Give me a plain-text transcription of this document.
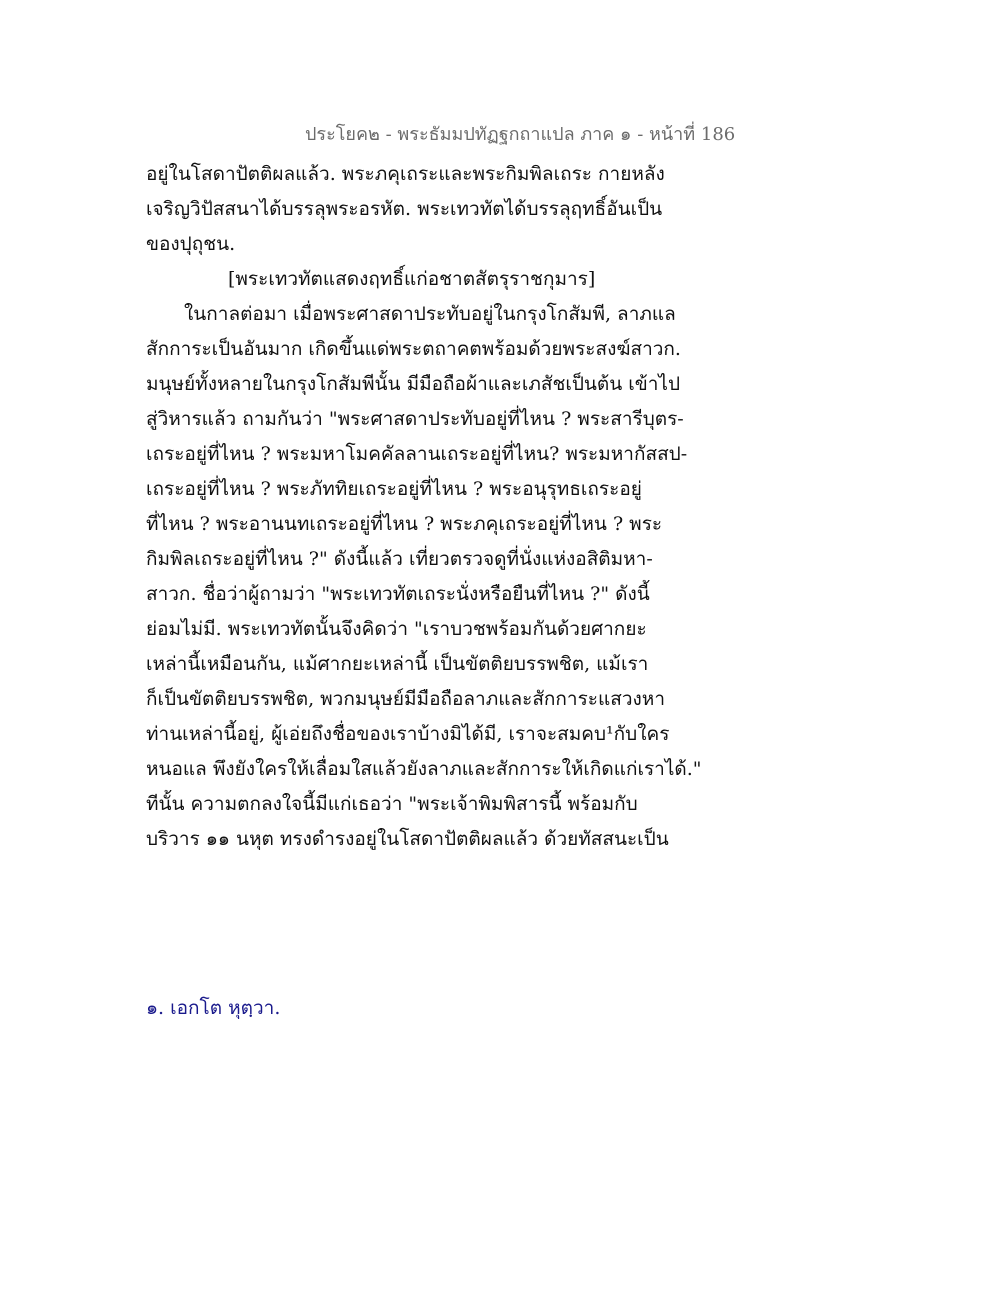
ประโยค๒ - พระธัมมปทัฏฐกถาแปล ภาค ๑ - หน้าที่ 186
อยู่ในโสดาปัตติผลแล้ว. พระภคุเถระและพระกิมพิลเถระ กายหลัง
เจริญวิปัสสนาได้บรรลุพระอรหัต. พระเทวทัตได้บรรลุฤทธิ์อันเป็น
ของปุถุชน.
[พระเทวทัตแสดงฤทธิ์แก่อชาตสัตรุราชกุมาร]
ในกาลต่อมา เมื่อพระศาสดาประทับอยู่ในกรุงโกสัมพี, ลาภแล
สักการะเป็นอันมาก เกิดขึ้นแด่พระตถาคตพร้อมด้วยพระสงฆ์สาวก.
มนุษย์ทั้งหลายในกรุงโกสัมพีนั้น มีมือถือผ้าและเภสัชเป็นต้น เข้าไป
สู่วิหารแล้ว ถามกันว่า "พระศาสดาประทับอยู่ที่ไหน ? พระสารีบุตร-
เถระอยู่ที่ไหน ? พระมหาโมคคัลลานเถระอยู่ที่ไหน? พระมหากัสสป-
เถระอยู่ที่ไหน ? พระภัททิยเถระอยู่ที่ไหน ? พระอนุรุทธเถระอยู่
ที่ไหน ? พระอานนทเถระอยู่ที่ไหน ? พระภคุเถระอยู่ที่ไหน ? พระ
กิมพิลเถระอยู่ที่ไหน ?" ดังนี้แล้ว เที่ยวตรวจดูที่นั่งแห่งอสิติมหา-
สาวก. ชื่อว่าผู้ถามว่า "พระเทวทัตเถระนั่งหรือยืนที่ไหน ?" ดังนี้
ย่อมไม่มี. พระเทวทัตนั้นจึงคิดว่า "เราบวชพร้อมกันด้วยศากยะ
เหล่านี้เหมือนกัน, แม้ศากยะเหล่านี้ เป็นขัตติยบรรพชิต, แม้เรา
ก็เป็นขัตติยบรรพชิต, พวกมนุษย์มีมือถือลาภและสักการะแสวงหา
ท่านเหล่านี้อยู่, ผู้เอ่ยถึงชื่อของเราบ้างมิได้มี, เราจะสมคบ¹กับใคร
หนอแล พึงยังใครให้เลื่อมใสแล้วยังลาภและสักการะให้เกิดแก่เราได้."
ทีนั้น ความตกลงใจนี้มีแก่เธอว่า "พระเจ้าพิมพิสารนี้ พร้อมกับ
บริวาร ๑๑ นหุต ทรงดำรงอยู่ในโสดาปัตติผลแล้ว ด้วยทัสสนะเป็น
๑. เอกโต หุตฺวา.
